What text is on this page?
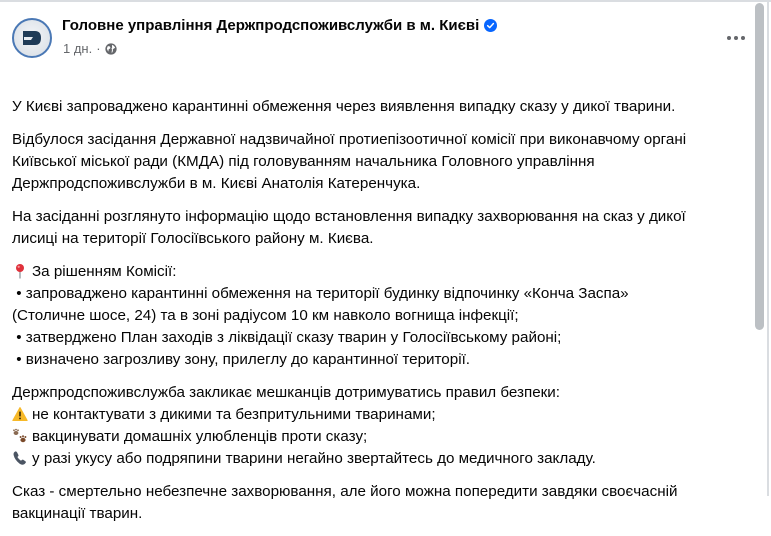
Головне управління Держпродспоживслужби в м. Києві
1 дн. ·

У Києві запроваджено карантинні обмеження через виявлення випадку сказу у дикої тварини.

Відбулося засідання Державної надзвичайної протиепізоотичної комісії при виконавчому органі
Київської міської ради (КМДА) під головуванням начальника Головного управління
Держпродспоживслужби в м. Києві Анатолія Катеренчука.

На засіданні розглянуто інформацію щодо встановлення випадку захворювання на сказ у дикої
лисиці на території Голосіївського району м. Києва.

За рішенням Комісії:
• запроваджено карантинні обмеження на території будинку відпочинку «Конча Заспа»
(Столичне шосе, 24) та в зоні радіусом 10 км навколо вогнища інфекції;
• затверджено План заходів з ліквідації сказу тварин у Голосіївському районі;
• визначено загрозливу зону, прилеглу до карантинної території.

Держпродспоживслужба закликає мешканців дотримуватись правил безпеки:
не контактувати з дикими та безпритульними тваринами;
вакцинувати домашніх улюбленців проти сказу;
у разі укусу або подряпини тварини негайно звертайтесь до медичного закладу.

Сказ - смертельно небезпечне захворювання, але його можна попередити завдяки своєчасній
вакцинації тварин.
